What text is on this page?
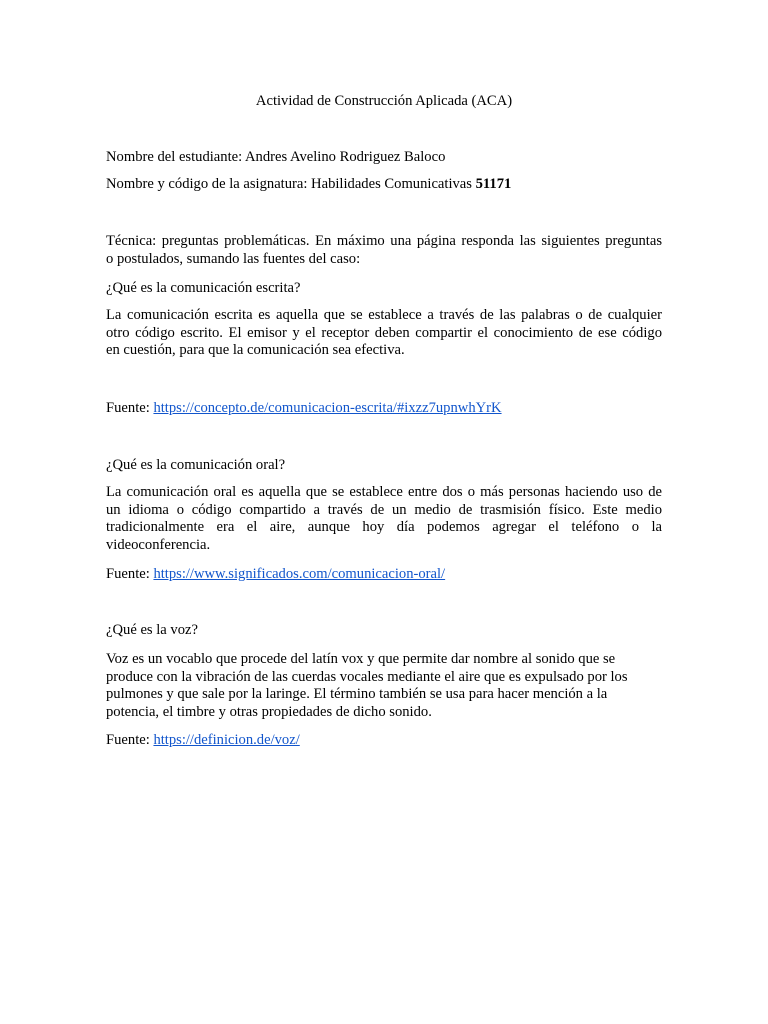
Actividad de Construcción Aplicada (ACA)
Nombre del estudiante: Andres Avelino Rodriguez Baloco
Nombre y código de la asignatura: Habilidades Comunicativas 51171
Técnica: preguntas problemáticas. En máximo una página responda las siguientes preguntas
o postulados, sumando las fuentes del caso:
¿Qué es la comunicación escrita?
La comunicación escrita es aquella que se establece a través de las palabras o de cualquier
otro código escrito. El emisor y el receptor deben compartir el conocimiento de ese código
en cuestión, para que la comunicación sea efectiva.
Fuente: https://concepto.de/comunicacion-escrita/#ixzz7upnwhYrK
¿Qué es la comunicación oral?
La comunicación oral es aquella que se establece entre dos o más personas haciendo uso de
un idioma o código compartido a través de un medio de trasmisión físico. Este medio
tradicionalmente era el aire, aunque hoy día podemos agregar el teléfono o la
videoconferencia.
Fuente: https://www.significados.com/comunicacion-oral/
¿Qué es la voz?
Voz es un vocablo que procede del latín vox y que permite dar nombre al sonido que se
produce con la vibración de las cuerdas vocales mediante el aire que es expulsado por los
pulmones y que sale por la laringe. El término también se usa para hacer mención a la
potencia, el timbre y otras propiedades de dicho sonido.
Fuente: https://definicion.de/voz/
